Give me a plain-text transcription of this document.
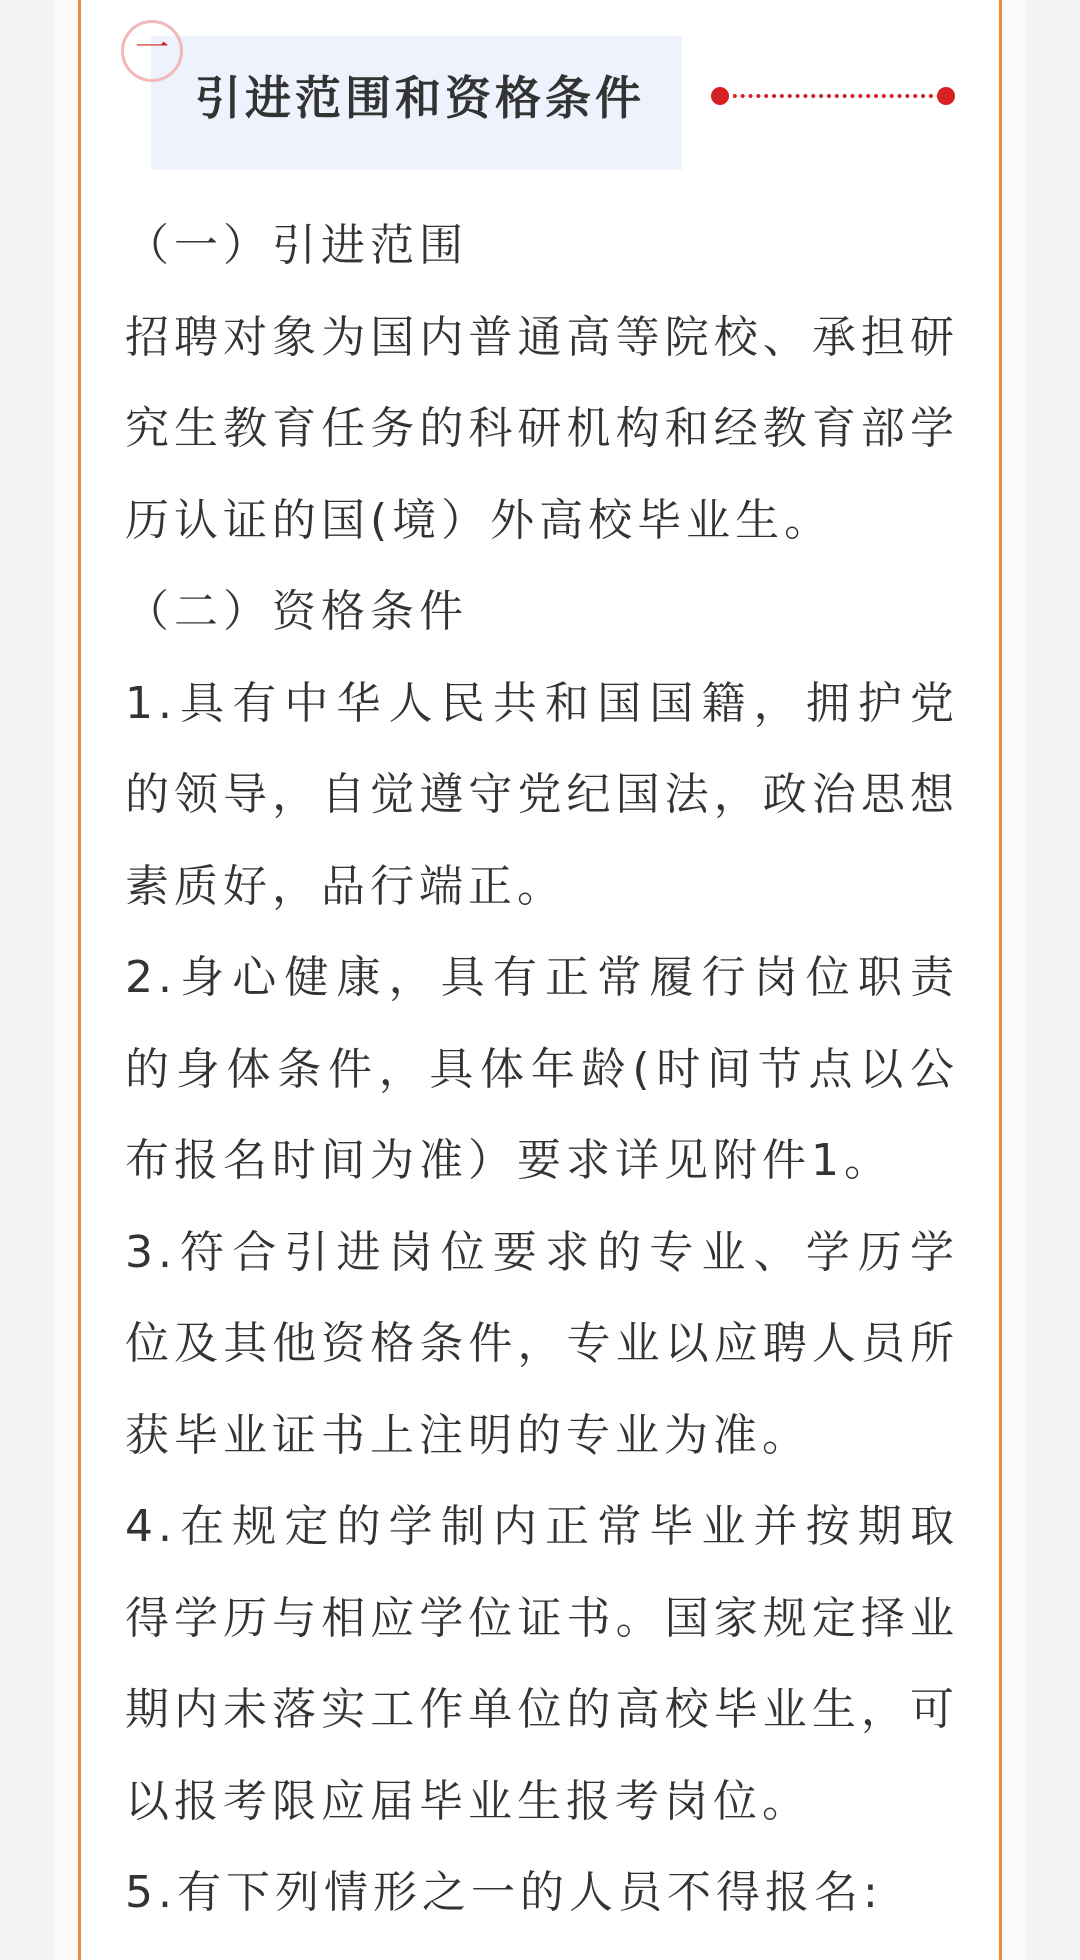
一
引进范围和资格条件

（一）引进范围

招聘对象为国内普通高等院校、承担研究生教育任务的科研机构和经教育部学历认证的国(境）外高校毕业生。

（二）资格条件

1.具有中华人民共和国国籍，拥护党的领导，自觉遵守党纪国法，政治思想素质好，品行端正。

2.身心健康，具有正常履行岗位职责的身体条件，具体年龄(时间节点以公布报名时间为准）要求详见附件1。

3.符合引进岗位要求的专业、学历学位及其他资格条件，专业以应聘人员所获毕业证书上注明的专业为准。

4.在规定的学制内正常毕业并按期取得学历与相应学位证书。国家规定择业期内未落实工作单位的高校毕业生，可以报考限应届毕业生报考岗位。

5.有下列情形之一的人员不得报名:
